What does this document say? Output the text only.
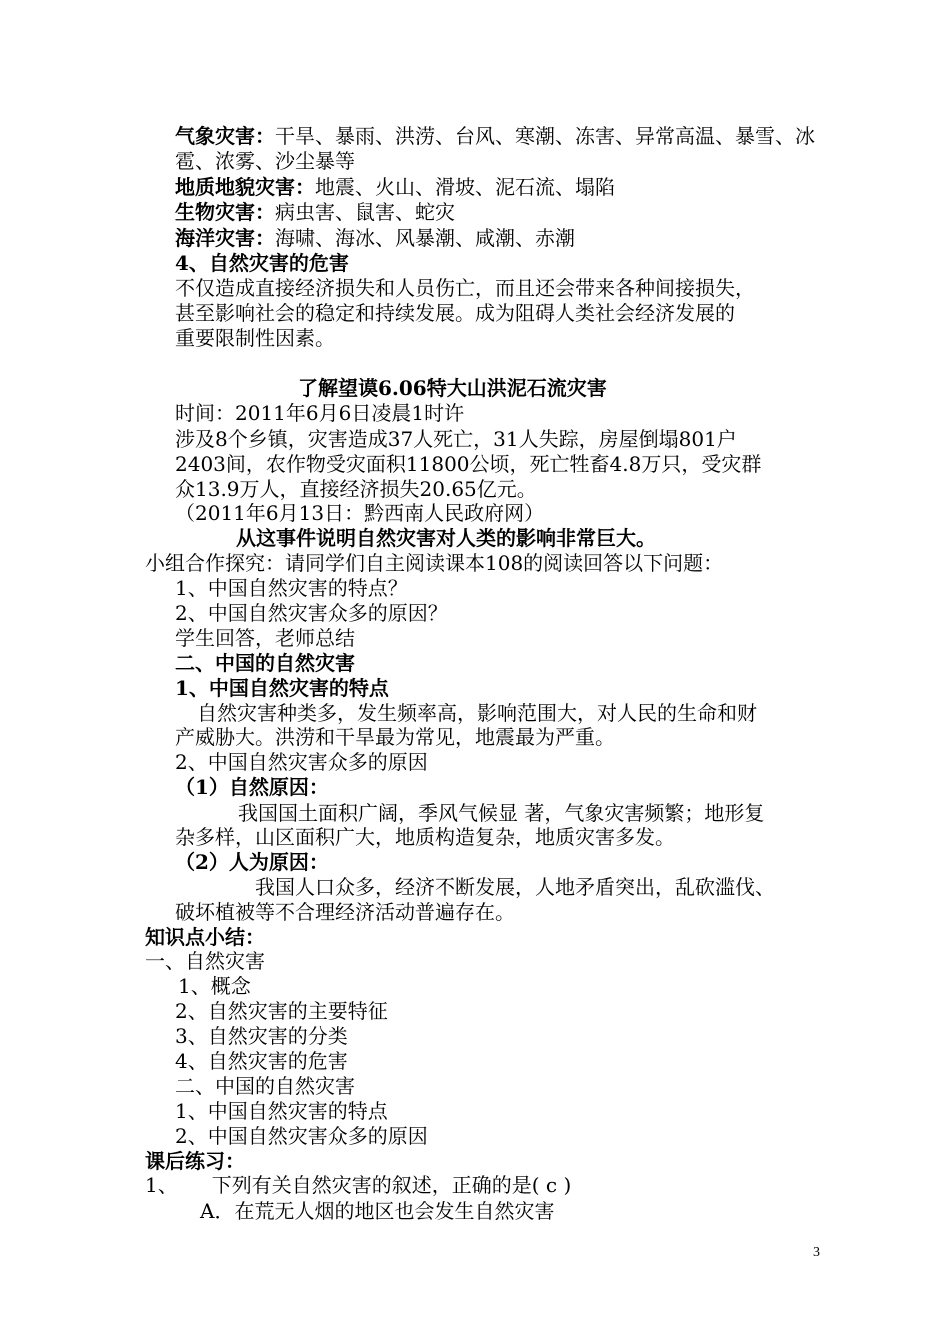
气象灾害：干旱、暴雨、洪涝、台风、寒潮、冻害、异常高温、暴雪、冰
雹、浓雾、沙尘暴等
地质地貌灾害：地震、火山、滑坡、泥石流、塌陷
生物灾害：病虫害、鼠害、蛇灾
海洋灾害：海啸、海冰、风暴潮、咸潮、赤潮
4、自然灾害的危害
不仅造成直接经济损失和人员伤亡，而且还会带来各种间接损失，
甚至影响社会的稳定和持续发展。成为阻碍人类社会经济发展的
重要限制性因素。
了解望谟6.06特大山洪泥石流灾害
时间：2011年6月6日凌晨1时许
涉及8个乡镇，灾害造成37人死亡，31人失踪，房屋倒塌801户
2403间，农作物受灾面积11800公顷，死亡牲畜4.8万只，受灾群
众13.9万人，直接经济损失20.65亿元。
（2011年6月13日：黔西南人民政府网）
从这事件说明自然灾害对人类的影响非常巨大。
小组合作探究：请同学们自主阅读课本108的阅读回答以下问题：
1、中国自然灾害的特点？
2、中国自然灾害众多的原因？
学生回答，老师总结
二、中国的自然灾害
1、中国自然灾害的特点
自然灾害种类多，发生频率高，影响范围大，对人民的生命和财
产威胁大。洪涝和干旱最为常见，地震最为严重。
2、中国自然灾害众多的原因
（1）自然原因：
我国国土面积广阔，季风气候显 著，气象灾害频繁；地形复
杂多样，山区面积广大，地质构造复杂，地质灾害多发。
（2）人为原因：
我国人口众多，经济不断发展，人地矛盾突出，乱砍滥伐、
破坏植被等不合理经济活动普遍存在。
知识点小结：
一、自然灾害
1、概念
2、自然灾害的主要特征
3、自然灾害的分类
4、自然灾害的危害
二、中国的自然灾害
1、中国自然灾害的特点
2、中国自然灾害众多的原因
课后练习：
1、 下列有关自然灾害的叙述，正确的是( c )
A．在荒无人烟的地区也会发生自然灾害
3
